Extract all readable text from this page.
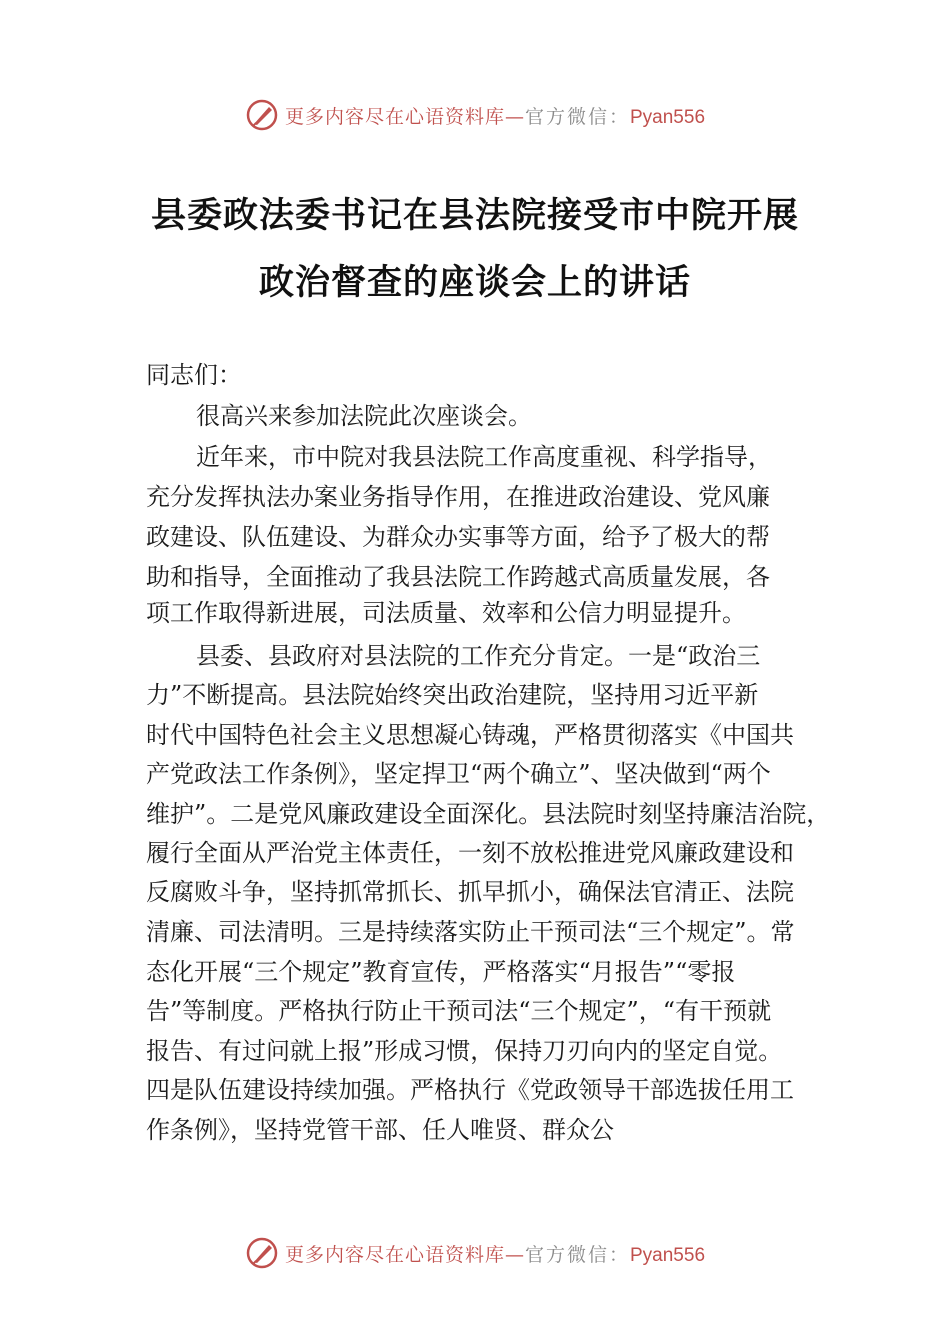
更多内容尽在心语资料库—官方微信：Pyan556
县委政法委书记在县法院接受市中院开展
政治督查的座谈会上的讲话
同志们：
很高兴来参加法院此次座谈会。
近年来，市中院对我县法院工作高度重视、科学指导，
充分发挥执法办案业务指导作用，在推进政治建设、党风廉
政建设、队伍建设、为群众办实事等方面，给予了极大的帮
助和指导，全面推动了我县法院工作跨越式高质量发展，各
项工作取得新进展，司法质量、效率和公信力明显提升。
县委、县政府对县法院的工作充分肯定。一是“政治三
力”不断提高。县法院始终突出政治建院，坚持用习近平新
时代中国特色社会主义思想凝心铸魂，严格贯彻落实《中国共
产党政法工作条例》，坚定捍卫“两个确立”、坚决做到“两个
维护”。二是党风廉政建设全面深化。县法院时刻坚持廉洁治院，
履行全面从严治党主体责任，一刻不放松推进党风廉政建设和
反腐败斗争，坚持抓常抓长、抓早抓小，确保法官清正、法院
清廉、司法清明。三是持续落实防止干预司法“三个规定”。常
态化开展“三个规定”教育宣传，严格落实“月报告”“零报
告”等制度。严格执行防止干预司法“三个规定”，“有干预就
报告、有过问就上报”形成习惯，保持刀刃向内的坚定自觉。
四是队伍建设持续加强。严格执行《党政领导干部选拔任用工
作条例》，坚持党管干部、任人唯贤、群众公
更多内容尽在心语资料库—官方微信：Pyan556
